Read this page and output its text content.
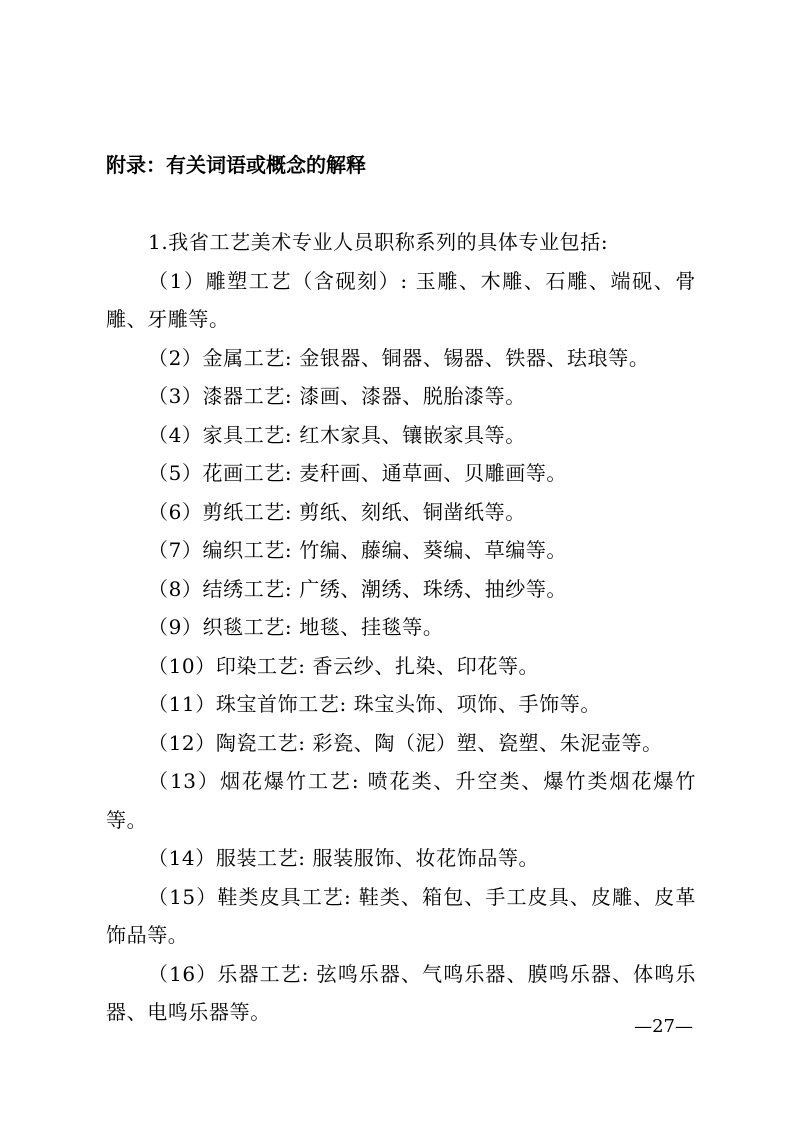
附录：有关词语或概念的解释

1.我省工艺美术专业人员职称系列的具体专业包括:

（1）雕塑工艺（含砚刻）: 玉雕、木雕、石雕、端砚、骨雕、牙雕等。

（2）金属工艺: 金银器、铜器、锡器、铁器、珐琅等。

（3）漆器工艺: 漆画、漆器、脱胎漆等。

（4）家具工艺: 红木家具、镶嵌家具等。

（5）花画工艺: 麦秆画、通草画、贝雕画等。

（6）剪纸工艺: 剪纸、刻纸、铜凿纸等。

（7）编织工艺: 竹编、藤编、葵编、草编等。

（8）结绣工艺: 广绣、潮绣、珠绣、抽纱等。

（9）织毯工艺: 地毯、挂毯等。

（10）印染工艺: 香云纱、扎染、印花等。

（11）珠宝首饰工艺: 珠宝头饰、项饰、手饰等。

（12）陶瓷工艺: 彩瓷、陶（泥）塑、瓷塑、朱泥壶等。

（13）烟花爆竹工艺: 喷花类、升空类、爆竹类烟花爆竹等。

（14）服装工艺: 服装服饰、妆花饰品等。

（15）鞋类皮具工艺: 鞋类、箱包、手工皮具、皮雕、皮革饰品等。

（16）乐器工艺: 弦鸣乐器、气鸣乐器、膜鸣乐器、体鸣乐器、电鸣乐器等。

—27—
